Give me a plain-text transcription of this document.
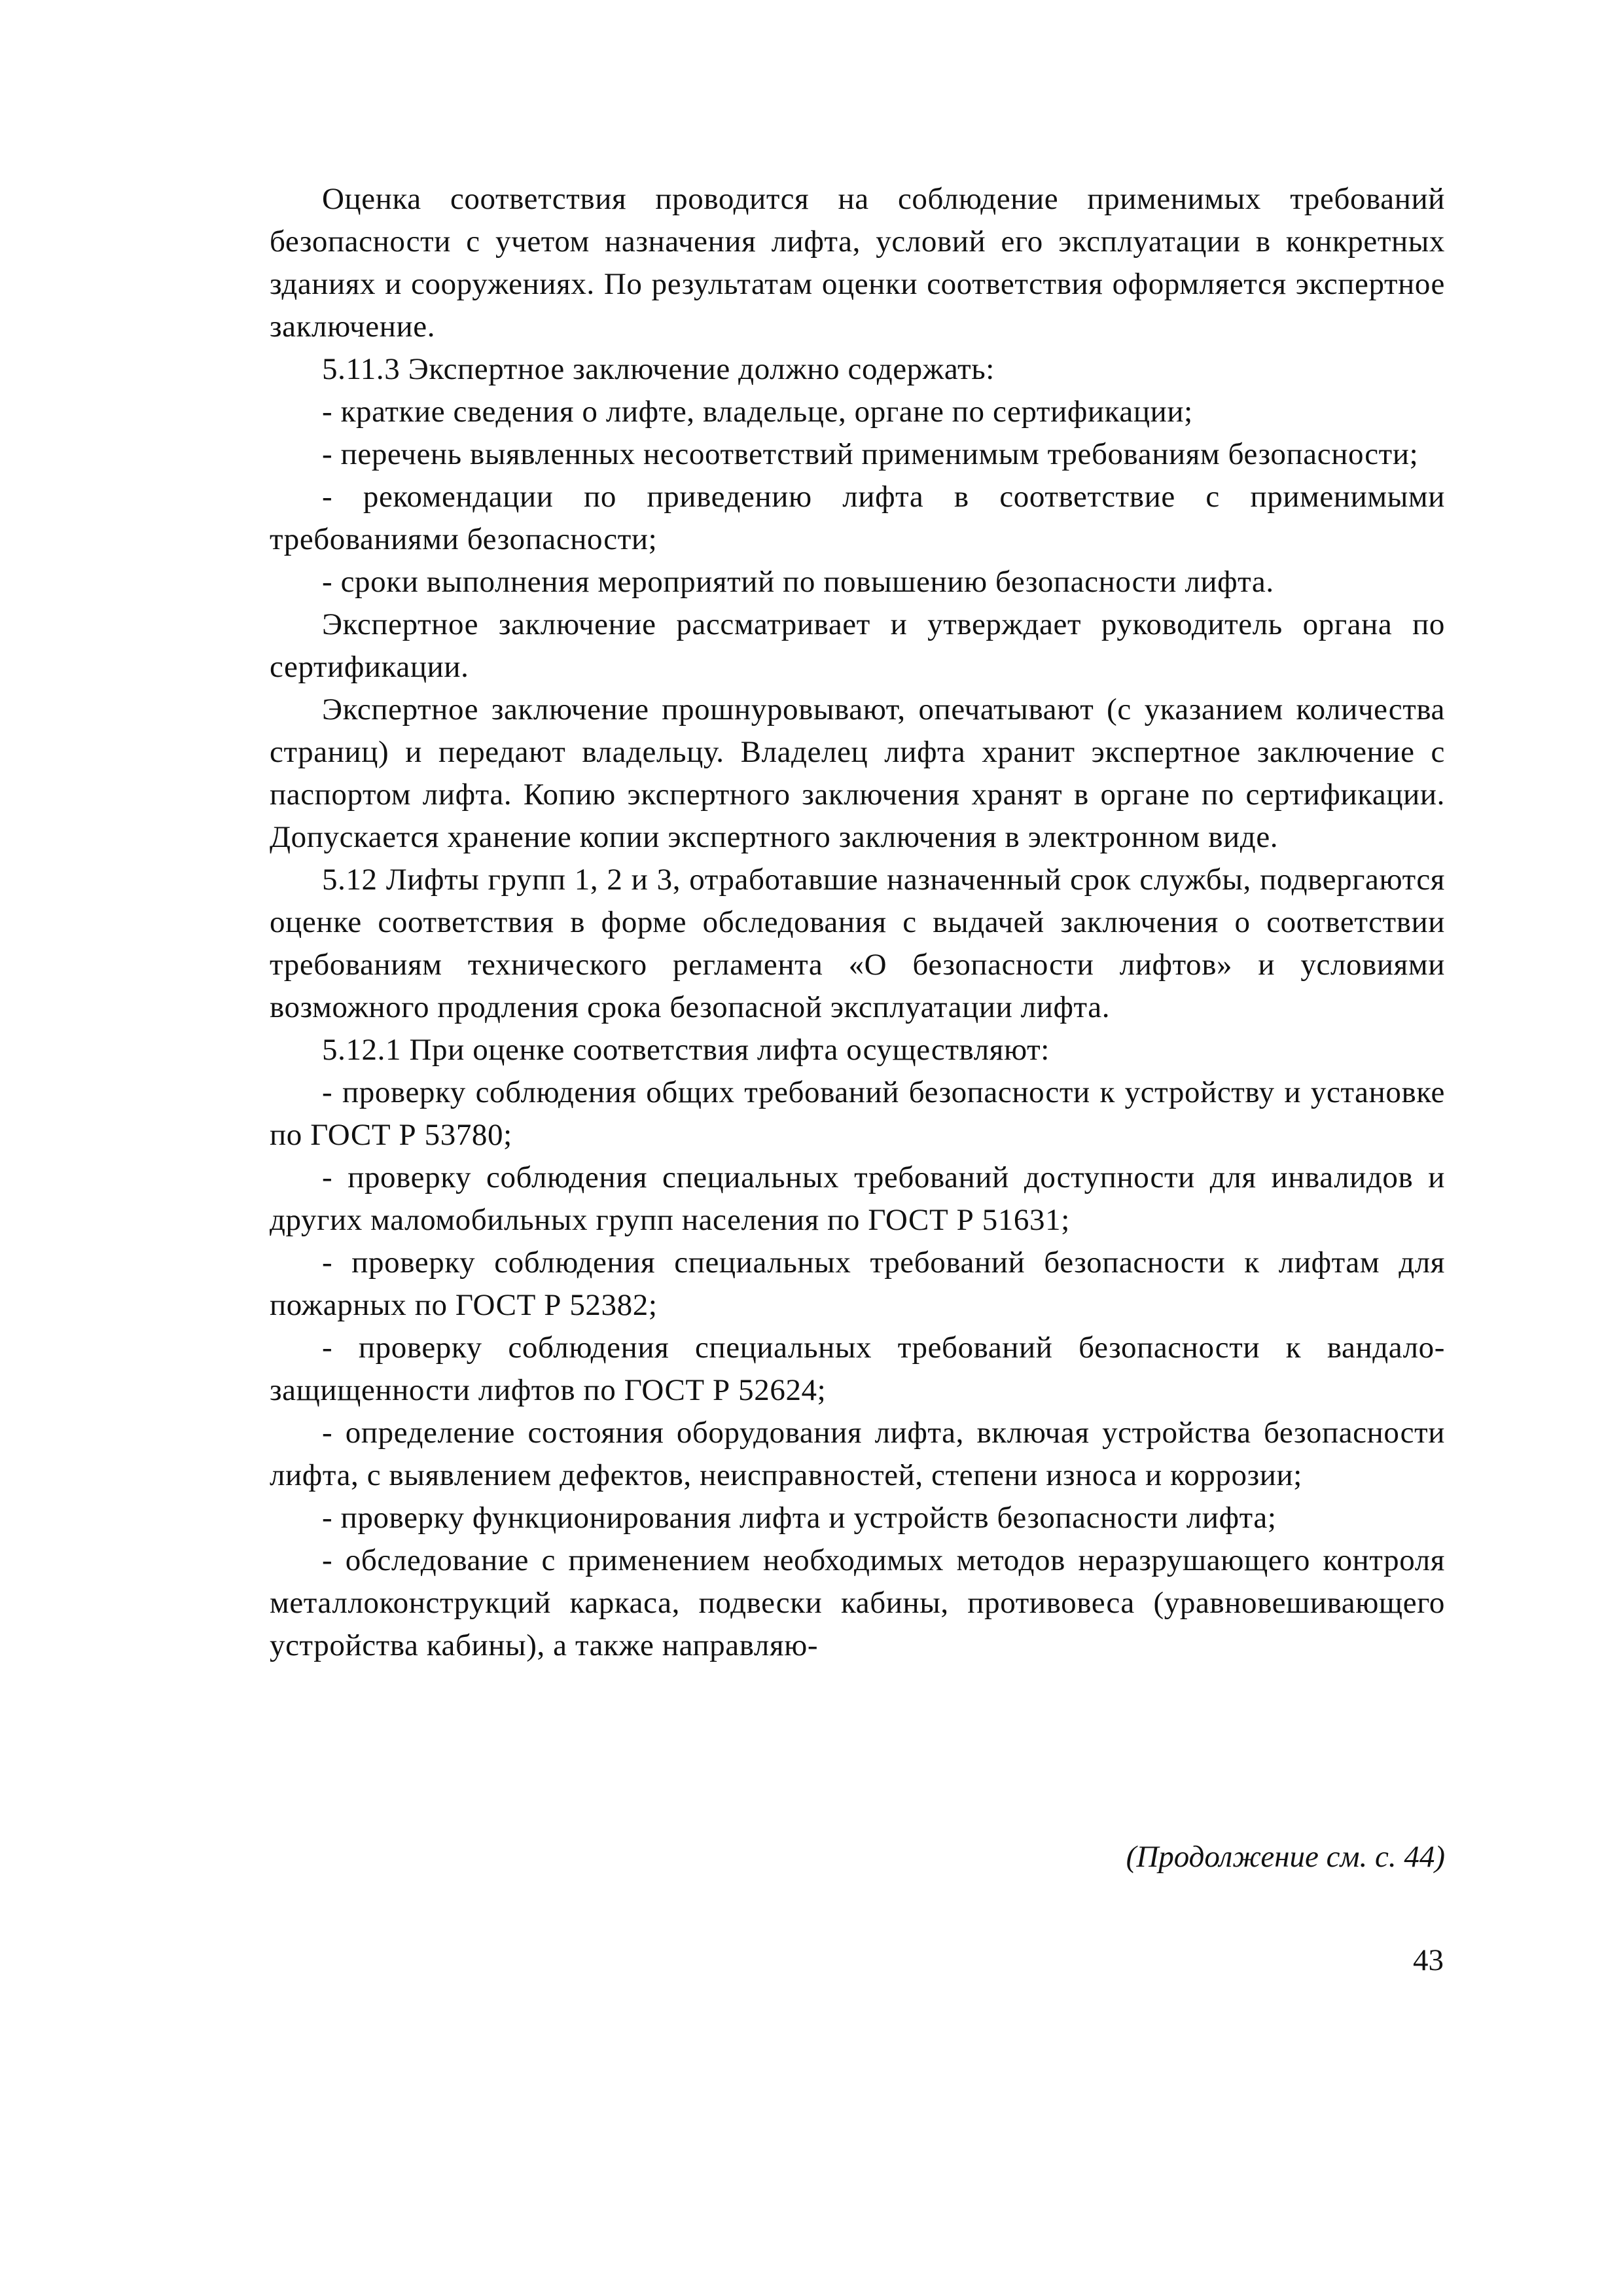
Оценка соответствия проводится на соблюдение применимых требований безопасности с учетом назначения лифта, условий его эксплуатации в конкретных зданиях и сооружениях. По результатам оценки соответствия оформляется экспертное заключение.

5.11.3 Экспертное заключение должно содержать:

- краткие сведения о лифте, владельце, органе по сертификации;

- перечень выявленных несоответствий применимым требованиям безопасности;

- рекомендации по приведению лифта в соответствие с применимыми требованиями безопасности;

- сроки выполнения мероприятий по повышению безопасности лифта.

Экспертное заключение рассматривает и утверждает руководитель органа по сертификации.

Экспертное заключение прошнуровывают, опечатывают (с указанием количества страниц) и передают владельцу. Владелец лифта хранит экспертное заключение с паспортом лифта. Копию экспертного заключения хранят в органе по сертификации. Допускается хранение копии экспертного заключения в электронном виде.

5.12 Лифты групп 1, 2 и 3, отработавшие назначенный срок службы, подвергаются оценке соответствия в форме обследования с выдачей заключения о соответствии требованиям технического регламента «О безопасности лифтов» и условиями возможного продления срока безопасной эксплуатации лифта.

5.12.1 При оценке соответствия лифта осуществляют:

- проверку соблюдения общих требований безопасности к устройству и установке по ГОСТ Р 53780;

- проверку соблюдения специальных требований доступности для инвалидов и других маломобильных групп населения по ГОСТ Р 51631;

- проверку соблюдения специальных требований безопасности к лифтам для пожарных по ГОСТ Р 52382;

- проверку соблюдения специальных требований безопасности к вандало-защищенности лифтов по ГОСТ Р 52624;

- определение состояния оборудования лифта, включая устройства безопасности лифта, с выявлением дефектов, неисправностей, степени износа и коррозии;

- проверку функционирования лифта и устройств безопасности лифта;

- обследование с применением необходимых методов неразрушающего контроля металлоконструкций каркаса, подвески кабины, противовеса (уравновешивающего устройства кабины), а также направляю-

(Продолжение см. с. 44)
43
